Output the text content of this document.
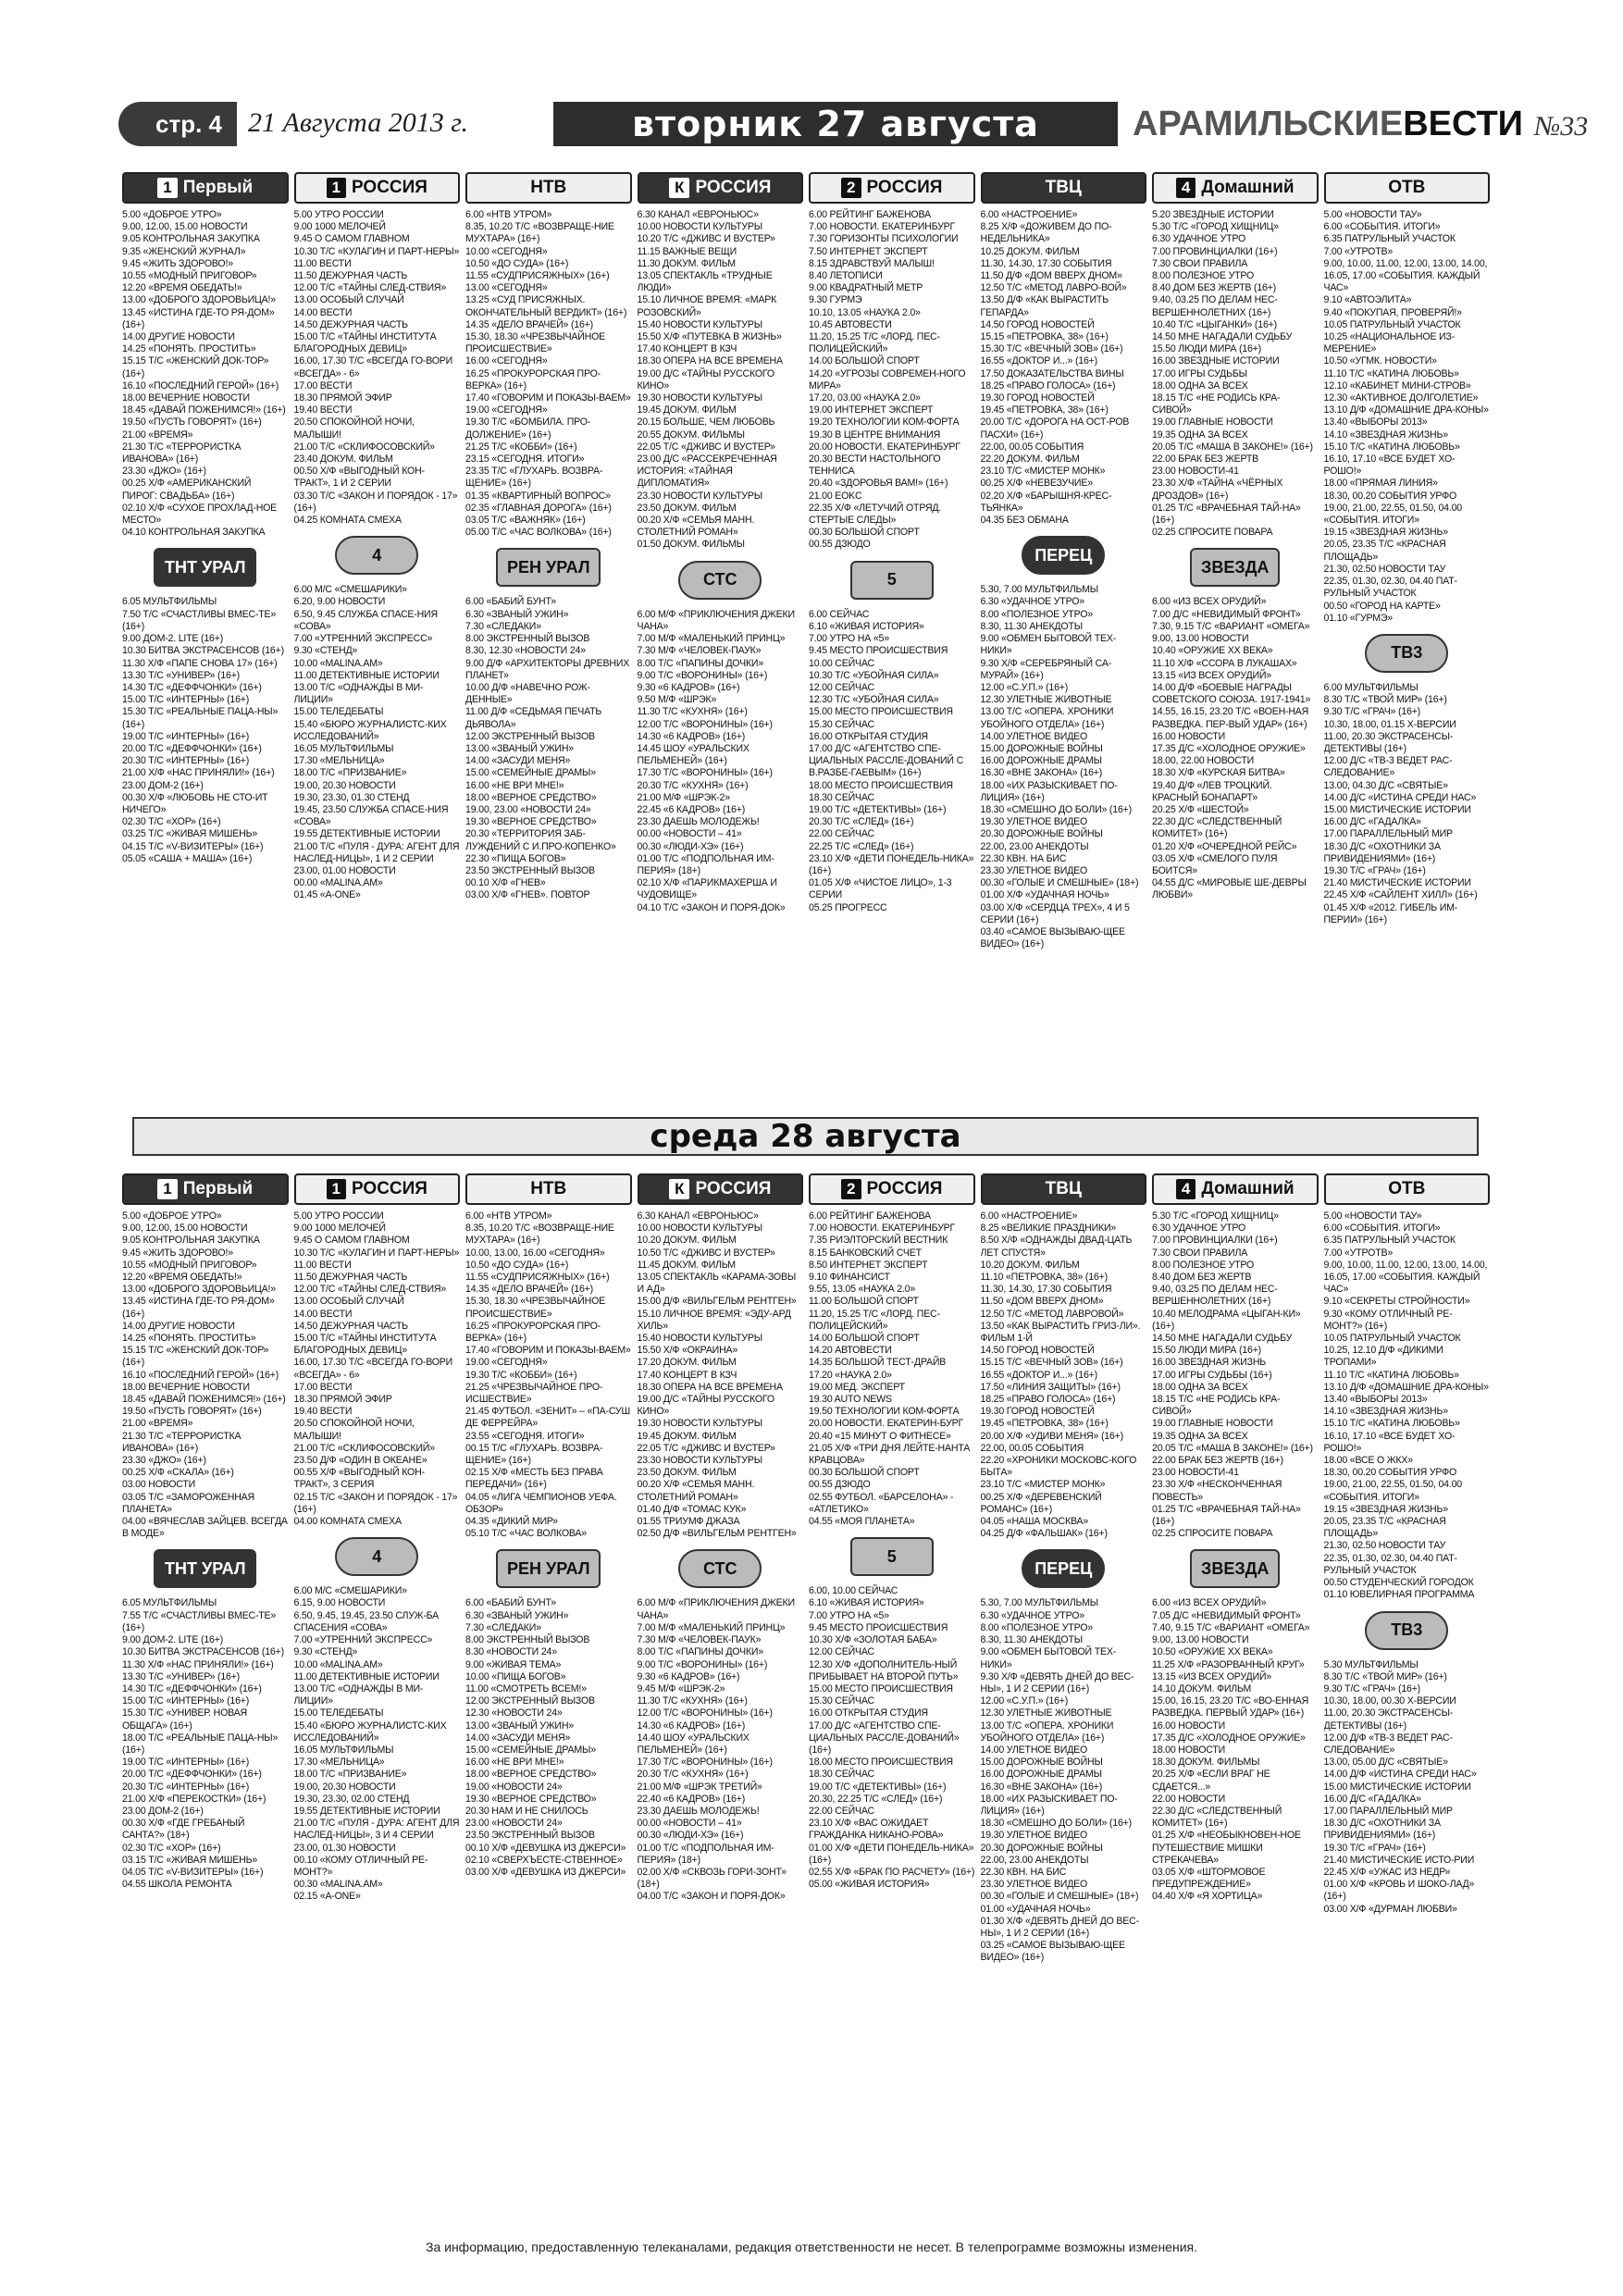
стр. 4 21 Августа 2013 г.	вторник 27 августа	АРАМИЛЬСКИЕВЕСТИ №33
1 Первый
5.00 «ДОБРОЕ УТРО»
9.00, 12.00, 15.00 НОВОСТИ
9.05 КОНТРОЛЬНАЯ ЗАКУПКА
9.35 «ЖЕНСКИЙ ЖУРНАЛ»
9.45 «ЖИТЬ ЗДОРОВО!»
10.55 «МОДНЫЙ ПРИГОВОР»
12.20 «ВРЕМЯ ОБЕДАТЬ!»
13.00 «ДОБРОГО ЗДОРОВЬИЦА!»
13.45 «ИСТИНА ГДЕ-ТО РЯ-ДОМ» (16+)
14.00 ДРУГИЕ НОВОСТИ
14.25 «ПОНЯТЬ. ПРОСТИТЬ»
15.15 Т/С «ЖЕНСКИЙ ДОК-ТОР» (16+)
16.10 «ПОСЛЕДНИЙ ГЕРОЙ» (16+)
18.00 ВЕЧЕРНИЕ НОВОСТИ
18.45 «ДАВАЙ ПОЖЕНИМСЯ!» (16+)
19.50 «ПУСТЬ ГОВОРЯТ» (16+)
21.00 «ВРЕМЯ»
21.30 Т/С «ТЕРРОРИСТКА ИВАНОВА» (16+)
23.30 «ДЖО» (16+)
00.25 Х/Ф «АМЕРИКАНСКИЙ ПИРОГ: СВАДЬБА» (16+)
02.10 Х/Ф «СУХОЕ ПРОХЛАД-НОЕ МЕСТО»
04.10 КОНТРОЛЬНАЯ ЗАКУПКА
ТНТ УРАЛ
6.05 МУЛЬТФИЛЬМЫ
7.50 Т/С «СЧАСТЛИВЫ ВМЕС-ТЕ» (16+)
9.00 ДОМ-2. LITE (16+)
10.30 БИТВА ЭКСТРАСЕНСОВ (16+)
11.30 Х/Ф «ПАПЕ СНОВА 17» (16+)
13.30 Т/С «УНИВЕР» (16+)
14.30 Т/С «ДЕФФЧОНКИ» (16+)
15.00 Т/С «ИНТЕРНЫ» (16+)
15.30 Т/С «РЕАЛЬНЫЕ ПАЦА-НЫ» (16+)
19.00 Т/С «ИНТЕРНЫ» (16+)
20.00 Т/С «ДЕФФЧОНКИ» (16+)
20.30 Т/С «ИНТЕРНЫ» (16+)
21.00 Х/Ф «НАС ПРИНЯЛИ!» (16+)
23.00 ДОМ-2 (16+)
00.30 Х/Ф «ЛЮБОВЬ НЕ СТО-ИТ НИЧЕГО»
02.30 Т/С «ХОР» (16+)
03.25 Т/С «ЖИВАЯ МИШЕНЬ»
04.15 Т/С «V-ВИЗИТЕРЫ» (16+)
05.05 «САША + МАША» (16+)
1 РОССИЯ
5.00 УТРО РОССИИ
9.00 1000 МЕЛОЧЕЙ
9.45 О САМОМ ГЛАВНОМ
10.30 Т/С «КУЛАГИН И ПАРТ-НЕРЫ»
11.00 ВЕСТИ
11.50 ДЕЖУРНАЯ ЧАСТЬ
12.00 Т/С «ТАЙНЫ СЛЕД-СТВИЯ»
13.00 ОСОБЫЙ СЛУЧАЙ
14.00 ВЕСТИ
14.50 ДЕЖУРНАЯ ЧАСТЬ
15.00 Т/С «ТАЙНЫ ИНСТИТУТА БЛАГОРОДНЫХ ДЕВИЦ»
16.00, 17.30 Т/С «ВСЕГДА ГО-ВОРИ «ВСЕГДА» - 6»
17.00 ВЕСТИ
18.30 ПРЯМОЙ ЭФИР
19.40 ВЕСТИ
20.50 СПОКОЙНОЙ НОЧИ, МАЛЫШИ!
21.00 Т/С «СКЛИФОСОВСКИЙ»
23.40 ДОКУМ. ФИЛЬМ
00.50 Х/Ф «ВЫГОДНЫЙ КОН-ТРАКТ», 1 И 2 СЕРИИ
03.30 Т/С «ЗАКОН И ПОРЯДОК - 17» (16+)
04.25 КОМНАТА СМЕХА
4
6.00 М/С «СМЕШАРИКИ»
6.20, 9.00 НОВОСТИ
6.50, 9.45 СЛУЖБА СПАСЕ-НИЯ «СОВА»
7.00 «УТРЕННИЙ ЭКСПРЕСС»
9.30 «СТЕНД»
10.00 «MALINA.AM»
11.00 ДЕТЕКТИВНЫЕ ИСТОРИИ
13.00 Т/С «ОДНАЖДЫ В МИ-ЛИЦИИ»
15.00 ТЕЛЕДЕБАТЫ
15.40 «БЮРО ЖУРНАЛИСТС-КИХ ИССЛЕДОВАНИЙ»
16.05 МУЛЬТФИЛЬМЫ
17.30 «МЕЛЬНИЦА»
18.00 Т/С «ПРИЗВАНИЕ»
19.00, 20.30 НОВОСТИ
19.30, 23.30, 01.30 СТЕНД
19.45, 23.50 СЛУЖБА СПАСЕ-НИЯ «СОВА»
19.55 ДЕТЕКТИВНЫЕ ИСТОРИИ
21.00 Т/С «ПУЛЯ - ДУРА: АГЕНТ ДЛЯ НАСЛЕД-НИЦЫ», 1 И 2 СЕРИИ
23.00, 01.00 НОВОСТИ
00.00 «MALINA.AM»
01.45 «A-ONE»
НТВ
6.00 «НТВ УТРОМ»
8.35, 10.20 Т/С «ВОЗВРАЩЕ-НИЕ МУХТАРА» (16+)
10.00 «СЕГОДНЯ»
10.50 «ДО СУДА» (16+)
11.55 «СУДПРИСЯЖНЫХ» (16+)
13.00 «СЕГОДНЯ»
13.25 «СУД ПРИСЯЖНЫХ. ОКОНЧАТЕЛЬНЫЙ ВЕРДИКТ» (16+)
14.35 «ДЕЛО ВРАЧЕЙ» (16+)
15.30, 18.30 «ЧРЕЗВЫЧАЙНОЕ ПРОИСШЕСТВИЕ»
16.00 «СЕГОДНЯ»
16.25 «ПРОКУРОРСКАЯ ПРО-ВЕРКА» (16+)
17.40 «ГОВОРИМ И ПОКАЗЫ-ВАЕМ»
19.00 «СЕГОДНЯ»
19.30 Т/С «БОМБИЛА. ПРО-ДОЛЖЕНИЕ» (16+)
21.25 Т/С «КОББИ» (16+)
23.15 «СЕГОДНЯ. ИТОГИ»
23.35 Т/С «ГЛУХАРЬ. ВОЗВРА-ЩЕНИЕ» (16+)
01.35 «КВАРТИРНЫЙ ВОПРОС»
02.35 «ГЛАВНАЯ ДОРОГА» (16+)
03.05 Т/С «ВАЖНЯК» (16+)
05.00 Т/С «ЧАС ВОЛКОВА» (16+)
РЕН УРАЛ
6.00 «БАБИЙ БУНТ»
6.30 «ЗВАНЫЙ УЖИН»
7.30 «СЛЕДАКИ»
8.00 ЭКСТРЕННЫЙ ВЫЗОВ
8.30, 12.30 «НОВОСТИ 24»
9.00 Д/Ф «АРХИТЕКТОРЫ ДРЕВНИХ ПЛАНЕТ»
10.00 Д/Ф «НАВЕЧНО РОЖ-ДЕННЫЕ»
11.00 Д/Ф «СЕДЬМАЯ ПЕЧАТЬ ДЬЯВОЛА»
12.00 ЭКСТРЕННЫЙ ВЫЗОВ
13.00 «ЗВАНЫЙ УЖИН»
14.00 «ЗАСУДИ МЕНЯ»
15.00 «СЕМЕЙНЫЕ ДРАМЫ»
16.00 «НЕ ВРИ МНЕ!»
18.00 «ВЕРНОЕ СРЕДСТВО»
19.00, 23.00 «НОВОСТИ 24»
19.30 «ВЕРНОЕ СРЕДСТВО»
20.30 «ТЕРРИТОРИЯ ЗАБ-ЛУЖДЕНИЙ С И.ПРО-КОПЕНКО»
22.30 «ПИЩА БОГОВ»
23.50 ЭКСТРЕННЫЙ ВЫЗОВ
00.10 Х/Ф «ГНЕВ»
03.00 Х/Ф «ГНЕВ». ПОВТОР
К РОССИЯ
6.30 КАНАЛ «ЕВРОНЬЮС»
10.00 НОВОСТИ КУЛЬТУРЫ
10.20 Т/С «ДЖИВС И ВУСТЕР»
11.15 ВАЖНЫЕ ВЕЩИ
11.30 ДОКУМ. ФИЛЬМ
13.05 СПЕКТАКЛЬ «ТРУДНЫЕ ЛЮДИ»
15.10 ЛИЧНОЕ ВРЕМЯ: «МАРК РОЗОВСКИЙ»
15.40 НОВОСТИ КУЛЬТУРЫ
15.50 Х/Ф «ПУТЕВКА В ЖИЗНЬ»
17.40 КОНЦЕРТ В КЗЧ
18.30 ОПЕРА НА ВСЕ ВРЕМЕНА
19.00 Д/С «ТАЙНЫ РУССКОГО КИНО»
19.30 НОВОСТИ КУЛЬТУРЫ
19.45 ДОКУМ. ФИЛЬМ
20.15 БОЛЬШЕ, ЧЕМ ЛЮБОВЬ
20.55 ДОКУМ. ФИЛЬМЫ
22.05 Т/С «ДЖИВС И ВУСТЕР»
23.00 Д/С «РАССЕКРЕЧЕННАЯ ИСТОРИЯ: «ТАЙНАЯ ДИПЛОМАТИЯ»
23.30 НОВОСТИ КУЛЬТУРЫ
23.50 ДОКУМ. ФИЛЬМ
00.20 Х/Ф «СЕМЬЯ МАНН. СТОЛЕТНИЙ РОМАН»
01.50 ДОКУМ. ФИЛЬМЫ
СТС
6.00 М/Ф «ПРИКЛЮЧЕНИЯ ДЖЕКИ ЧАНА»
7.00 М/Ф «МАЛЕНЬКИЙ ПРИНЦ»
7.30 М/Ф «ЧЕЛОВЕК-ПАУК»
8.00 Т/С «ПАПИНЫ ДОЧКИ»
9.00 Т/С «ВОРОНИНЫ» (16+)
9.30 «6 КАДРОВ» (16+)
9.50 М/Ф «ШРЭК»
11.30 Т/С «КУХНЯ» (16+)
12.00 Т/С «ВОРОНИНЫ» (16+)
14.30 «6 КАДРОВ» (16+)
14.45 ШОУ «УРАЛЬСКИХ ПЕЛЬМЕНЕЙ» (16+)
17.30 Т/С «ВОРОНИНЫ» (16+)
20.30 Т/С «КУХНЯ» (16+)
21.00 М/Ф «ШРЭК-2»
22.45 «6 КАДРОВ» (16+)
23.30 ДАЕШЬ МОЛОДЕЖЬ!
00.00 «НОВОСТИ – 41»
00.30 «ЛЮДИ-ХЭ» (16+)
01.00 Т/С «ПОДПОЛЬНАЯ ИМ-ПЕРИЯ» (18+)
02.10 Х/Ф «ПАРИКМАХЕРША И ЧУДОВИЩЕ»
04.10 Т/С «ЗАКОН И ПОРЯ-ДОК»
2 РОССИЯ
6.00 РЕЙТИНГ БАЖЕНОВА
7.00 НОВОСТИ. ЕКАТЕРИНБУРГ
7.30 ГОРИЗОНТЫ ПСИХОЛОГИИ
7.50 ИНТЕРНЕТ ЭКСПЕРТ
8.15 ЗДРАВСТВУЙ МАЛЫШ!
8.40 ЛЕТОПИСИ
9.00 КВАДРАТНЫЙ МЕТР
9.30 ГУРМЭ
10.10, 13.05 «НАУКА 2.0»
10.45 АВТОВЕСТИ
11.20, 15.25 Т/С «ЛОРД. ПЕС-ПОЛИЦЕЙСКИЙ»
14.00 БОЛЬШОЙ СПОРТ
14.20 «УГРОЗЫ СОВРЕМЕН-НОГО МИРА»
17.20, 03.00 «НАУКА 2.0»
19.00 ИНТЕРНЕТ ЭКСПЕРТ
19.20 ТЕХНОЛОГИИ КОМ-ФОРТА
19.30 В ЦЕНТРЕ ВНИМАНИЯ
20.00 НОВОСТИ. ЕКАТЕРИНБУРГ
20.30 ВЕСТИ НАСТОЛЬНОГО ТЕННИСА
20.40 «ЗДОРОВЬЯ ВАМ!» (16+)
21.00 EOKC
22.35 Х/Ф «ЛЕТУЧИЙ ОТРЯД. СТЕРТЫЕ СЛЕДЫ»
00.30 БОЛЬШОЙ СПОРТ
00.55 ДЗЮДО
5
6.00 СЕЙЧАС
6.10 «ЖИВАЯ ИСТОРИЯ»
7.00 УТРО НА «5»
9.45 МЕСТО ПРОИСШЕСТВИЯ
10.00 СЕЙЧАС
10.30 Т/С «УБОЙНАЯ СИЛА»
12.00 СЕЙЧАС
12.30 Т/С «УБОЙНАЯ СИЛА»
15.00 МЕСТО ПРОИСШЕСТВИЯ
15.30 СЕЙЧАС
16.00 ОТКРЫТАЯ СТУДИЯ
17.00 Д/С «АГЕНТСТВО СПЕ-ЦИАЛЬНЫХ РАССЛЕ-ДОВАНИЙ С В.РАЗБЕ-ГАЕВЫМ» (16+)
18.00 МЕСТО ПРОИСШЕСТВИЯ
18.30 СЕЙЧАС
19.00 Т/С «ДЕТЕКТИВЫ» (16+)
20.30 Т/С «СЛЕД» (16+)
22.00 СЕЙЧАС
22.25 Т/С «СЛЕД» (16+)
23.10 Х/Ф «ДЕТИ ПОНЕДЕЛЬ-НИКА» (16+)
01.05 Х/Ф «ЧИСТОЕ ЛИЦО», 1-3 СЕРИИ
05.25 ПРОГРЕСС
ТВЦ
6.00 «НАСТРОЕНИЕ»
8.25 Х/Ф «ДОЖИВЕМ ДО ПО-НЕДЕЛЬНИКА»
10.25 ДОКУМ. ФИЛЬМ
11.30, 14.30, 17.30 СОБЫТИЯ
11.50 Д/Ф «ДОМ ВВЕРХ ДНОМ»
12.50 Т/С «МЕТОД ЛАВРО-ВОЙ»
13.50 Д/Ф «КАК ВЫРАСТИТЬ ГЕПАРДА»
14.50 ГОРОД НОВОСТЕЙ
15.15 «ПЕТРОВКА, 38» (16+)
15.30 Т/С «ВЕЧНЫЙ ЗОВ» (16+)
16.55 «ДОКТОР И...» (16+)
17.50 ДОКАЗАТЕЛЬСТВА ВИНЫ
18.25 «ПРАВО ГОЛОСА» (16+)
19.30 ГОРОД НОВОСТЕЙ
19.45 «ПЕТРОВКА, 38» (16+)
20.00 Т/С «ДОРОГА НА ОСТ-РОВ ПАСХИ» (16+)
22.00, 00.05 СОБЫТИЯ
22.20 ДОКУМ. ФИЛЬМ
23.10 Т/С «МИСТЕР МОНК»
00.25 Х/Ф «НЕВЕЗУЧИЕ»
02.20 Х/Ф «БАРЫШНЯ-КРЕС-ТЬЯНКА»
04.35 БЕЗ ОБМАНА
ПЕРЕЦ
5.30, 7.00 МУЛЬТФИЛЬМЫ
6.30 «УДАЧНОЕ УТРО»
8.00 «ПОЛЕЗНОЕ УТРО»
8.30, 11.30 АНЕКДОТЫ
9.00 «ОБМЕН БЫТОВОЙ ТЕХ-НИКИ»
9.30 Х/Ф «СЕРЕБРЯНЫЙ СА-МУРАЙ» (16+)
12.00 «С.У.П.» (16+)
12.30 УЛЕТНЫЕ ЖИВОТНЫЕ
13.00 Т/С «ОПЕРА. ХРОНИКИ УБОЙНОГО ОТДЕЛА» (16+)
14.00 УЛЕТНОЕ ВИДЕО
15.00 ДОРОЖНЫЕ ВОЙНЫ
16.00 ДОРОЖНЫЕ ДРАМЫ
16.30 «ВНЕ ЗАКОНА» (16+)
18.00 «ИХ РАЗЫСКИВАЕТ ПО-ЛИЦИЯ» (16+)
18.30 «СМЕШНО ДО БОЛИ» (16+)
19.30 УЛЕТНОЕ ВИДЕО
20.30 ДОРОЖНЫЕ ВОЙНЫ
22.00, 23.00 АНЕКДОТЫ
22.30 КВН. НА БИС
23.30 УЛЕТНОЕ ВИДЕО
00.30 «ГОЛЫЕ И СМЕШНЫЕ» (18+)
01.00 Х/Ф «УДАЧНАЯ НОЧЬ»
03.00 Х/Ф «СЕРДЦА ТРЕХ», 4 И 5 СЕРИИ (16+)
03.40 «САМОЕ ВЫЗЫВАЮ-ЩЕЕ ВИДЕО» (16+)
4 Домашний
5.20 ЗВЕЗДНЫЕ ИСТОРИИ
5.30 Т/С «ГОРОД ХИЩНИЦ»
6.30 УДАЧНОЕ УТРО
7.00 ПРОВИНЦИАЛКИ (16+)
7.30 СВОИ ПРАВИЛА
8.00 ПОЛЕЗНОЕ УТРО
8.40 ДОМ БЕЗ ЖЕРТВ (16+)
9.40, 03.25 ПО ДЕЛАМ НЕС-ВЕРШЕННОЛЕТНИХ (16+)
10.40 Т/С «ЦЫГАНКИ» (16+)
14.50 МНЕ НАГАДАЛИ СУДЬБУ
15.50 ЛЮДИ МИРА (16+)
16.00 ЗВЕЗДНЫЕ ИСТОРИИ
17.00 ИГРЫ СУДЬБЫ
18.00 ОДНА ЗА ВСЕХ
18.15 Т/С «НЕ РОДИСЬ КРА-СИВОЙ»
19.00 ГЛАВНЫЕ НОВОСТИ
19.35 ОДНА ЗА ВСЕХ
20.05 Т/С «МАША В ЗАКОНЕ!» (16+)
22.00 БРАК БЕЗ ЖЕРТВ
23.00 НОВОСТИ-41
23.30 Х/Ф «ТАЙНА «ЧЁРНЫХ ДРОЗДОВ» (16+)
01.25 Т/С «ВРАЧЕБНАЯ ТАЙ-НА» (16+)
02.25 СПРОСИТЕ ПОВАРА
ЗВЕЗДА
6.00 «ИЗ ВСЕХ ОРУДИЙ»
7.00 Д/С «НЕВИДИМЫЙ ФРОНТ»
7.30, 9.15 Т/С «ВАРИАНТ «ОМЕГА»
9.00, 13.00 НОВОСТИ
10.40 «ОРУЖИЕ XX ВЕКА»
11.10 Х/Ф «ССОРА В ЛУКАШАХ»
13.15 «ИЗ ВСЕХ ОРУДИЙ»
14.00 Д/Ф «БОЕВЫЕ НАГРАДЫ СОВЕТСКОГО СОЮЗА. 1917-1941»
14.55, 16.15, 23.20 Т/С «ВОЕН-НАЯ РАЗВЕДКА. ПЕР-ВЫЙ УДАР» (16+)
16.00 НОВОСТИ
17.35 Д/С «ХОЛОДНОЕ ОРУЖИЕ»
18.00, 22.00 НОВОСТИ
18.30 Х/Ф «КУРСКАЯ БИТВА»
19.40 Д/Ф «ЛЕВ ТРОЦКИЙ. КРАСНЫЙ БОНАПАРТ»
20.25 Х/Ф «ШЕСТОЙ»
22.30 Д/С «СЛЕДСТВЕННЫЙ КОМИТЕТ» (16+)
01.20 Х/Ф «ОЧЕРЕДНОЙ РЕЙС»
03.05 Х/Ф «СМЕЛОГО ПУЛЯ БОИТСЯ»
04.55 Д/С «МИРОВЫЕ ШЕ-ДЕВРЫ ЛЮБВИ»
ОТВ
5.00 «НОВОСТИ ТАУ»
6.00 «СОБЫТИЯ. ИТОГИ»
6.35 ПАТРУЛЬНЫЙ УЧАСТОК
7.00 «УТРОТВ»
9.00, 10.00, 11.00, 12.00, 13.00, 14.00, 16.05, 17.00 «СОБЫТИЯ. КАЖДЫЙ ЧАС»
9.10 «АВТОЭЛИТА»
9.40 «ПОКУПАЯ, ПРОВЕРЯЙ!»
10.05 ПАТРУЛЬНЫЙ УЧАСТОК
10.25 «НАЦИОНАЛЬНОЕ ИЗ-МЕРЕНИЕ»
10.50 «УГМК. НОВОСТИ»
11.10 Т/С «КАТИНА ЛЮБОВЬ»
12.10 «КАБИНЕТ МИНИ-СТРОВ»
12.30 «АКТИВНОЕ ДОЛГОЛЕТИЕ»
13.10 Д/Ф «ДОМАШНИЕ ДРА-КОНЫ»
13.40 «ВЫБОРЫ 2013»
14.10 «ЗВЕЗДНАЯ ЖИЗНЬ»
15.10 Т/С «КАТИНА ЛЮБОВЬ»
16.10, 17.10 «ВСЕ БУДЕТ ХО-РОШО!»
18.00 «ПРЯМАЯ ЛИНИЯ»
18.30, 00.20 СОБЫТИЯ УРФО
19.00, 21.00, 22.55, 01.50, 04.00 «СОБЫТИЯ. ИТОГИ»
19.15 «ЗВЕЗДНАЯ ЖИЗНЬ»
20.05, 23.35 Т/С «КРАСНАЯ ПЛОЩАДЬ»
21.30, 02.50 НОВОСТИ ТАУ
22.35, 01.30, 02.30, 04.40 ПАТ-РУЛЬНЫЙ УЧАСТОК
00.50 «ГОРОД НА КАРТЕ»
01.10 «ГУРМЭ»
ТВ3
6.00 МУЛЬТФИЛЬМЫ
8.30 Т/С «ТВОЙ МИР» (16+)
9.30 Т/С «ГРАЧ» (16+)
10.30, 18.00, 01.15 Х-ВЕРСИИ
11.00, 20.30 ЭКСТРАСЕНСЫ-ДЕТЕКТИВЫ (16+)
12.00 Д/С «ТВ-3 ВЕДЕТ РАС-СЛЕДОВАНИЕ»
13.00, 04.30 Д/С «СВЯТЫЕ»
14.00 Д/С «ИСТИНА СРЕДИ НАС»
15.00 МИСТИЧЕСКИЕ ИСТОРИИ
16.00 Д/С «ГАДАЛКА»
17.00 ПАРАЛЛЕЛЬНЫЙ МИР
18.30 Д/С «ОХОТНИКИ ЗА ПРИВИДЕНИЯМИ» (16+)
19.30 Т/С «ГРАЧ» (16+)
21.40 МИСТИЧЕСКИЕ ИСТОРИИ
22.45 Х/Ф «САЙЛЕНТ ХИЛЛ» (16+)
01.45 Х/Ф «2012. ГИБЕЛЬ ИМ-ПЕРИИ» (16+)
среда 28 августа
1 Первый
5.00 «ДОБРОЕ УТРО»
9.00, 12.00, 15.00 НОВОСТИ
9.05 КОНТРОЛЬНАЯ ЗАКУПКА
9.45 «ЖИТЬ ЗДОРОВО!»
10.55 «МОДНЫЙ ПРИГОВОР»
12.20 «ВРЕМЯ ОБЕДАТЬ!»
13.00 «ДОБРОГО ЗДОРОВЬИЦА!»
13.45 «ИСТИНА ГДЕ-ТО РЯ-ДОМ» (16+)
14.00 ДРУГИЕ НОВОСТИ
14.25 «ПОНЯТЬ. ПРОСТИТЬ»
15.15 Т/С «ЖЕНСКИЙ ДОК-ТОР» (16+)
16.10 «ПОСЛЕДНИЙ ГЕРОЙ» (16+)
18.00 ВЕЧЕРНИЕ НОВОСТИ
18.45 «ДАВАЙ ПОЖЕНИМСЯ!» (16+)
19.50 «ПУСТЬ ГОВОРЯТ» (16+)
21.00 «ВРЕМЯ»
21.30 Т/С «ТЕРРОРИСТКА ИВАНОВА» (16+)
23.30 «ДЖО» (16+)
00.25 Х/Ф «СКАЛА» (16+)
03.00 НОВОСТИ
03.05 Т/С «ЗАМОРОЖЕННАЯ ПЛАНЕТА»
04.00 «ВЯЧЕСЛАВ ЗАЙЦЕВ. ВСЕГДА В МОДЕ»
ТНТ УРАЛ
6.05 МУЛЬТФИЛЬМЫ
7.55 Т/С «СЧАСТЛИВЫ ВМЕС-ТЕ» (16+)
9.00 ДОМ-2. LITE (16+)
10.30 БИТВА ЭКСТРАСЕНСОВ (16+)
11.30 Х/Ф «НАС ПРИНЯЛИ!» (16+)
13.30 Т/С «УНИВЕР» (16+)
14.30 Т/С «ДЕФФЧОНКИ» (16+)
15.00 Т/С «ИНТЕРНЫ» (16+)
15.30 Т/С «УНИВЕР. НОВАЯ ОБЩАГА» (16+)
18.00 Т/С «РЕАЛЬНЫЕ ПАЦА-НЫ» (16+)
19.00 Т/С «ИНТЕРНЫ» (16+)
20.00 Т/С «ДЕФФЧОНКИ» (16+)
20.30 Т/С «ИНТЕРНЫ» (16+)
21.00 Х/Ф «ПЕРЕКОСТКИ» (16+)
23.00 ДОМ-2 (16+)
00.30 Х/Ф «ГДЕ ГРЕБАНЫЙ САНТА?» (18+)
02.30 Т/С «ХОР» (16+)
03.15 Т/С «ЖИВАЯ МИШЕНЬ»
04.05 Т/С «V-ВИЗИТЕРЫ» (16+)
04.55 ШКОЛА РЕМОНТА
1 РОССИЯ
5.00 УТРО РОССИИ
9.00 1000 МЕЛОЧЕЙ
9.45 О САМОМ ГЛАВНОМ
10.30 Т/С «КУЛАГИН И ПАРТ-НЕРЫ»
11.00 ВЕСТИ
11.50 ДЕЖУРНАЯ ЧАСТЬ
12.00 Т/С «ТАЙНЫ СЛЕД-СТВИЯ»
13.00 ОСОБЫЙ СЛУЧАЙ
14.00 ВЕСТИ
14.50 ДЕЖУРНАЯ ЧАСТЬ
15.00 Т/С «ТАЙНЫ ИНСТИТУТА БЛАГОРОДНЫХ ДЕВИЦ»
16.00, 17.30 Т/С «ВСЕГДА ГО-ВОРИ «ВСЕГДА» - 6»
17.00 ВЕСТИ
18.30 ПРЯМОЙ ЭФИР
19.40 ВЕСТИ
20.50 СПОКОЙНОЙ НОЧИ, МАЛЫШИ!
21.00 Т/С «СКЛИФОСОВСКИЙ»
23.50 Д/Ф «ОДИН В ОКЕАНЕ»
00.55 Х/Ф «ВЫГОДНЫЙ КОН-ТРАКТ», 3 СЕРИЯ
02.15 Т/С «ЗАКОН И ПОРЯДОК - 17» (16+)
04.00 КОМНАТА СМЕХА
4
6.00 М/С «СМЕШАРИКИ»
6.15, 9.00 НОВОСТИ
6.50, 9.45, 19.45, 23.50 СЛУЖ-БА СПАСЕНИЯ «СОВА»
7.00 «УТРЕННИЙ ЭКСПРЕСС»
9.30 «СТЕНД»
10.00 «MALINA.AM»
11.00 ДЕТЕКТИВНЫЕ ИСТОРИИ
13.00 Т/С «ОДНАЖДЫ В МИ-ЛИЦИИ»
15.00 ТЕЛЕДЕБАТЫ
15.40 «БЮРО ЖУРНАЛИСТС-КИХ ИССЛЕДОВАНИЙ»
16.05 МУЛЬТФИЛЬМЫ
17.30 «МЕЛЬНИЦА»
18.00 Т/С «ПРИЗВАНИЕ»
19.00, 20.30 НОВОСТИ
19.30, 23.30, 02.00 СТЕНД
19.55 ДЕТЕКТИВНЫЕ ИСТОРИИ
21.00 Т/С «ПУЛЯ - ДУРА: АГЕНТ ДЛЯ НАСЛЕД-НИЦЫ», 3 И 4 СЕРИИ
23.00, 01.30 НОВОСТИ
00.10 «КОМУ ОТЛИЧНЫЙ РЕ-МОНТ?»
00.30 «MALINA.AM»
02.15 «A-ONE»
НТВ
6.00 «НТВ УТРОМ»
8.35, 10.20 Т/С «ВОЗВРАЩЕ-НИЕ МУХТАРА» (16+)
10.00, 13.00, 16.00 «СЕГОДНЯ»
10.50 «ДО СУДА» (16+)
11.55 «СУДПРИСЯЖНЫХ» (16+)
14.35 «ДЕЛО ВРАЧЕЙ» (16+)
15.30, 18.30 «ЧРЕЗВЫЧАЙНОЕ ПРОИСШЕСТВИЕ»
16.25 «ПРОКУРОРСКАЯ ПРО-ВЕРКА» (16+)
17.40 «ГОВОРИМ И ПОКАЗЫ-ВАЕМ»
19.00 «СЕГОДНЯ»
19.30 Т/С «КОББИ» (16+)
21.25 «ЧРЕЗВЫЧАЙНОЕ ПРО-ИСШЕСТВИЕ»
21.45 ФУТБОЛ. «ЗЕНИТ» – «ПА-СУШ ДЕ ФЕРРЕЙРА»
23.55 «СЕГОДНЯ. ИТОГИ»
00.15 Т/С «ГЛУХАРЬ. ВОЗВРА-ЩЕНИЕ» (16+)
02.15 Х/Ф «МЕСТЬ БЕЗ ПРАВА ПЕРЕДАЧИ» (16+)
04.05 «ЛИГА ЧЕМПИОНОВ УЕФА. ОБЗОР»
04.35 «ДИКИЙ МИР»
05.10 Т/С «ЧАС ВОЛКОВА»
РЕН УРАЛ
6.00 «БАБИЙ БУНТ»
6.30 «ЗВАНЫЙ УЖИН»
7.30 «СЛЕДАКИ»
8.00 ЭКСТРЕННЫЙ ВЫЗОВ
8.30 «НОВОСТИ 24»
9.00 «ЖИВАЯ ТЕМА»
10.00 «ПИЩА БОГОВ»
11.00 «СМОТРЕТЬ ВСЕМ!»
12.00 ЭКСТРЕННЫЙ ВЫЗОВ
12.30 «НОВОСТИ 24»
13.00 «ЗВАНЫЙ УЖИН»
14.00 «ЗАСУДИ МЕНЯ»
15.00 «СЕМЕЙНЫЕ ДРАМЫ»
16.00 «НЕ ВРИ МНЕ!»
18.00 «ВЕРНОЕ СРЕДСТВО»
19.00 «НОВОСТИ 24»
19.30 «ВЕРНОЕ СРЕДСТВО»
20.30 НАМ И НЕ СНИЛОСЬ
23.00 «НОВОСТИ 24»
23.50 ЭКСТРЕННЫЙ ВЫЗОВ
00.10 Х/Ф «ДЕВУШКА ИЗ ДЖЕРСИ»
02.10 «СВЕРХЪЕСТЕ-СТВЕННОЕ»
03.00 Х/Ф «ДЕВУШКА ИЗ ДЖЕРСИ»
К РОССИЯ
6.30 КАНАЛ «ЕВРОНЬЮС»
10.00 НОВОСТИ КУЛЬТУРЫ
10.20 ДОКУМ. ФИЛЬМ
10.50 Т/С «ДЖИВС И ВУСТЕР»
11.45 ДОКУМ. ФИЛЬМ
13.05 СПЕКТАКЛЬ «КАРАМА-ЗОВЫ И АД»
15.00 Д/Ф «ВИЛЬГЕЛЬМ РЕНТГЕН»
15.10 ЛИЧНОЕ ВРЕМЯ: «ЭДУ-АРД ХИЛЬ»
15.40 НОВОСТИ КУЛЬТУРЫ
15.50 Х/Ф «ОКРАИНА»
17.20 ДОКУМ. ФИЛЬМ
17.40 КОНЦЕРТ В КЗЧ
18.30 ОПЕРА НА ВСЕ ВРЕМЕНА
19.00 Д/С «ТАЙНЫ РУССКОГО КИНО»
19.30 НОВОСТИ КУЛЬТУРЫ
19.45 ДОКУМ. ФИЛЬМ
22.05 Т/С «ДЖИВС И ВУСТЕР»
23.30 НОВОСТИ КУЛЬТУРЫ
23.50 ДОКУМ. ФИЛЬМ
00.20 Х/Ф «СЕМЬЯ МАНН. СТОЛЕТНИЙ РОМАН»
01.40 Д/Ф «ТОМАС КУК»
01.55 ТРИУМФ ДЖАЗА
02.50 Д/Ф «ВИЛЬГЕЛЬМ РЕНТГЕН»
СТС
6.00 М/Ф «ПРИКЛЮЧЕНИЯ ДЖЕКИ ЧАНА»
7.00 М/Ф «МАЛЕНЬКИЙ ПРИНЦ»
7.30 М/Ф «ЧЕЛОВЕК-ПАУК»
8.00 Т/С «ПАПИНЫ ДОЧКИ»
9.00 Т/С «ВОРОНИНЫ» (16+)
9.30 «6 КАДРОВ» (16+)
9.45 М/Ф «ШРЭК-2»
11.30 Т/С «КУХНЯ» (16+)
12.00 Т/С «ВОРОНИНЫ» (16+)
14.30 «6 КАДРОВ» (16+)
14.40 ШОУ «УРАЛЬСКИХ ПЕЛЬМЕНЕЙ» (16+)
17.30 Т/С «ВОРОНИНЫ» (16+)
20.30 Т/С «КУХНЯ» (16+)
21.00 М/Ф «ШРЭК ТРЕТИЙ»
22.40 «6 КАДРОВ» (16+)
23.30 ДАЕШЬ МОЛОДЕЖЬ!
00.00 «НОВОСТИ – 41»
00.30 «ЛЮДИ-ХЭ» (16+)
01.00 Т/С «ПОДПОЛЬНАЯ ИМ-ПЕРИЯ» (18+)
02.00 Х/Ф «СКВОЗЬ ГОРИ-ЗОНТ» (18+)
04.00 Т/С «ЗАКОН И ПОРЯ-ДОК»
2 РОССИЯ
6.00 РЕЙТИНГ БАЖЕНОВА
7.00 НОВОСТИ. ЕКАТЕРИНБУРГ
7.35 РИЭЛТОРСКИЙ ВЕСТНИК
8.15 БАНКОВСКИЙ СЧЕТ
8.50 ИНТЕРНЕТ ЭКСПЕРТ
9.10 ФИНАНСИСТ
9.55, 13.05 «НАУКА 2.0»
11.00 БОЛЬШОЙ СПОРТ
11.20, 15.25 Т/С «ЛОРД. ПЕС-ПОЛИЦЕЙСКИЙ»
14.00 БОЛЬШОЙ СПОРТ
14.20 АВТОВЕСТИ
14.35 БОЛЬШОЙ ТЕСТ-ДРАЙВ
17.20 «НАУКА 2.0»
19.00 МЕД. ЭКСПЕРТ
19.30 AUTO NEWS
19.50 ТЕХНОЛОГИИ КОМ-ФОРТА
20.00 НОВОСТИ. ЕКАТЕРИН-БУРГ
20.40 «15 МИНУТ О ФИТНЕСЕ»
21.05 Х/Ф «ТРИ ДНЯ ЛЕЙТЕ-НАНТА КРАВЦОВА»
00.30 БОЛЬШОЙ СПОРТ
00.55 ДЗЮДО
02.55 ФУТБОЛ. «БАРСЕЛОНА» - «АТЛЕТИКО»
04.55 «МОЯ ПЛАНЕТА»
5
6.00, 10.00 СЕЙЧАС
6.10 «ЖИВАЯ ИСТОРИЯ»
7.00 УТРО НА «5»
9.45 МЕСТО ПРОИСШЕСТВИЯ
10.30 Х/Ф «ЗОЛОТАЯ БАБА»
12.00 СЕЙЧАС
12.30 Х/Ф «ДОПОЛНИТЕЛЬ-НЫЙ ПРИБЫВАЕТ НА ВТОРОЙ ПУТЬ»
15.00 МЕСТО ПРОИСШЕСТВИЯ
15.30 СЕЙЧАС
16.00 ОТКРЫТАЯ СТУДИЯ
17.00 Д/С «АГЕНТСТВО СПЕ-ЦИАЛЬНЫХ РАССЛЕ-ДОВАНИЙ» (16+)
18.00 МЕСТО ПРОИСШЕСТВИЯ
18.30 СЕЙЧАС
19.00 Т/С «ДЕТЕКТИВЫ» (16+)
20.30, 22.25 Т/С «СЛЕД» (16+)
22.00 СЕЙЧАС
23.10 Х/Ф «ВАС ОЖИДАЕТ ГРАЖДАНКА НИКАНО-РОВА»
01.00 Х/Ф «ДЕТИ ПОНЕДЕЛЬ-НИКА» (16+)
02.55 Х/Ф «БРАК ПО РАСЧЕТУ» (16+)
05.00 «ЖИВАЯ ИСТОРИЯ»
ТВЦ
6.00 «НАСТРОЕНИЕ»
8.25 «ВЕЛИКИЕ ПРАЗДНИКИ»
8.50 Х/Ф «ОДНАЖДЫ ДВАД-ЦАТЬ ЛЕТ СПУСТЯ»
10.20 ДОКУМ. ФИЛЬМ
11.10 «ПЕТРОВКА, 38» (16+)
11.30, 14.30, 17.30 СОБЫТИЯ
11.50 «ДОМ ВВЕРХ ДНОМ»
12.50 Т/С «МЕТОД ЛАВРОВОЙ»
13.50 «КАК ВЫРАСТИТЬ ГРИЗ-ЛИ». ФИЛЬМ 1-Й
14.50 ГОРОД НОВОСТЕЙ
15.15 Т/С «ВЕЧНЫЙ ЗОВ» (16+)
16.55 «ДОКТОР И...» (16+)
17.50 «ЛИНИЯ ЗАЩИТЫ» (16+)
18.25 «ПРАВО ГОЛОСА» (16+)
19.30 ГОРОД НОВОСТЕЙ
19.45 «ПЕТРОВКА, 38» (16+)
20.00 Х/Ф «УДИВИ МЕНЯ» (16+)
22.00, 00.05 СОБЫТИЯ
22.20 «ХРОНИКИ МОСКОВС-КОГО БЫТА»
23.10 Т/С «МИСТЕР МОНК»
00.25 Х/Ф «ДЕРЕВЕНСКИЙ РОМАНС» (16+)
04.05 «НАША МОСКВА»
04.25 Д/Ф «ФАЛЬШАК» (16+)
ПЕРЕЦ
5.30, 7.00 МУЛЬТФИЛЬМЫ
6.30 «УДАЧНОЕ УТРО»
8.00 «ПОЛЕЗНОЕ УТРО»
8.30, 11.30 АНЕКДОТЫ
9.00 «ОБМЕН БЫТОВОЙ ТЕХ-НИКИ»
9.30 Х/Ф «ДЕВЯТЬ ДНЕЙ ДО ВЕС-НЫ», 1 И 2 СЕРИИ (16+)
12.00 «С.У.П.» (16+)
12.30 УЛЕТНЫЕ ЖИВОТНЫЕ
13.00 Т/С «ОПЕРА. ХРОНИКИ УБОЙНОГО ОТДЕЛА» (16+)
14.00 УЛЕТНОЕ ВИДЕО
15.00 ДОРОЖНЫЕ ВОЙНЫ
16.00 ДОРОЖНЫЕ ДРАМЫ
16.30 «ВНЕ ЗАКОНА» (16+)
18.00 «ИХ РАЗЫСКИВАЕТ ПО-ЛИЦИЯ» (16+)
18.30 «СМЕШНО ДО БОЛИ» (16+)
19.30 УЛЕТНОЕ ВИДЕО
20.30 ДОРОЖНЫЕ ВОЙНЫ
22.00, 23.00 АНЕКДОТЫ
22.30 КВН. НА БИС
23.30 УЛЕТНОЕ ВИДЕО
00.30 «ГОЛЫЕ И СМЕШНЫЕ» (18+)
01.00 «УДАЧНАЯ НОЧЬ»
01.30 Х/Ф «ДЕВЯТЬ ДНЕЙ ДО ВЕС-НЫ», 1 И 2 СЕРИИ (16+)
03.25 «САМОЕ ВЫЗЫВАЮ-ЩЕЕ ВИДЕО» (16+)
4 Домашний
5.30 Т/С «ГОРОД ХИЩНИЦ»
6.30 УДАЧНОЕ УТРО
7.00 ПРОВИНЦИАЛКИ (16+)
7.30 СВОИ ПРАВИЛА
8.00 ПОЛЕЗНОЕ УТРО
8.40 ДОМ БЕЗ ЖЕРТВ
9.40, 03.25 ПО ДЕЛАМ НЕС-ВЕРШЕННОЛЕТНИХ (16+)
10.40 МЕЛОДРАМА «ЦЫГАН-КИ» (16+)
14.50 МНЕ НАГАДАЛИ СУДЬБУ
15.50 ЛЮДИ МИРА (16+)
16.00 ЗВЕЗДНАЯ ЖИЗНЬ
17.00 ИГРЫ СУДЬБЫ (16+)
18.00 ОДНА ЗА ВСЕХ
18.15 Т/С «НЕ РОДИСЬ КРА-СИВОЙ»
19.00 ГЛАВНЫЕ НОВОСТИ
19.35 ОДНА ЗА ВСЕХ
20.05 Т/С «МАША В ЗАКОНЕ!» (16+)
22.00 БРАК БЕЗ ЖЕРТВ (16+)
23.00 НОВОСТИ-41
23.30 Х/Ф «НЕСКОНЧЕННАЯ ПОВЕСТЬ»
01.25 Т/С «ВРАЧЕБНАЯ ТАЙ-НА» (16+)
02.25 СПРОСИТЕ ПОВАРА
ЗВЕЗДА
6.00 «ИЗ ВСЕХ ОРУДИЙ»
7.05 Д/С «НЕВИДИМЫЙ ФРОНТ»
7.40, 9.15 Т/С «ВАРИАНТ «ОМЕГА»
9.00, 13.00 НОВОСТИ
10.50 «ОРУЖИЕ XX ВЕКА»
11.25 Х/Ф «РАЗОРВАННЫЙ КРУГ»
13.15 «ИЗ ВСЕХ ОРУДИЙ»
14.10 ДОКУМ. ФИЛЬМ
15.00, 16.15, 23.20 Т/С «ВО-ЕННАЯ РАЗВЕДКА. ПЕРВЫЙ УДАР» (16+)
16.00 НОВОСТИ
17.35 Д/С «ХОЛОДНОЕ ОРУЖИЕ»
18.00 НОВОСТИ
18.30 ДОКУМ. ФИЛЬМЫ
20.25 Х/Ф «ЕСЛИ ВРАГ НЕ СДАЕТСЯ...»
22.00 НОВОСТИ
22.30 Д/С «СЛЕДСТВЕННЫЙ КОМИТЕТ» (16+)
01.25 Х/Ф «НЕОБЫКНОВЕН-НОЕ ПУТЕШЕСТВИЕ МИШКИ СТРЕКАЧЕВА»
03.05 Х/Ф «ШТОРМОВОЕ ПРЕДУПРЕЖДЕНИЕ»
04.40 Х/Ф «Я ХОРТИЦА»
ОТВ
5.00 «НОВОСТИ ТАУ»
6.00 «СОБЫТИЯ. ИТОГИ»
6.35 ПАТРУЛЬНЫЙ УЧАСТОК
7.00 «УТРОТВ»
9.00, 10.00, 11.00, 12.00, 13.00, 14.00, 16.05, 17.00 «СОБЫТИЯ. КАЖДЫЙ ЧАС»
9.10 «СЕКРЕТЫ СТРОЙНОСТИ»
9.30 «КОМУ ОТЛИЧНЫЙ РЕ-МОНТ?» (16+)
10.05 ПАТРУЛЬНЫЙ УЧАСТОК
10.25, 12.10 Д/Ф «ДИКИМИ ТРОПАМИ»
11.10 Т/С «КАТИНА ЛЮБОВЬ»
13.10 Д/Ф «ДОМАШНИЕ ДРА-КОНЫ»
13.40 «ВЫБОРЫ 2013»
14.10 «ЗВЕЗДНАЯ ЖИЗНЬ»
15.10 Т/С «КАТИНА ЛЮБОВЬ»
16.10, 17.10 «ВСЕ БУДЕТ ХО-РОШО!»
18.00 «ВСЕ О ЖКХ»
18.30, 00.20 СОБЫТИЯ УРФО
19.00, 21.00, 22.55, 01.50, 04.00 «СОБЫТИЯ. ИТОГИ»
19.15 «ЗВЕЗДНАЯ ЖИЗНЬ»
20.05, 23.35 Т/С «КРАСНАЯ ПЛОЩАДЬ»
21.30, 02.50 НОВОСТИ ТАУ
22.35, 01.30, 02.30, 04.40 ПАТ-РУЛЬНЫЙ УЧАСТОК
00.50 СТУДЕНЧЕСКИЙ ГОРОДОК
01.10 ЮВЕЛИРНАЯ ПРОГРАММА
ТВ3
5.30 МУЛЬТФИЛЬМЫ
8.30 Т/С «ТВОЙ МИР» (16+)
9.30 Т/С «ГРАЧ» (16+)
10.30, 18.00, 00.30 Х-ВЕРСИИ
11.00, 20.30 ЭКСТРАСЕНСЫ-ДЕТЕКТИВЫ (16+)
12.00 Д/Ф «ТВ-3 ВЕДЕТ РАС-СЛЕДОВАНИЕ»
13.00, 05.00 Д/С «СВЯТЫЕ»
14.00 Д/Ф «ИСТИНА СРЕДИ НАС»
15.00 МИСТИЧЕСКИЕ ИСТОРИИ
16.00 Д/С «ГАДАЛКА»
17.00 ПАРАЛЛЕЛЬНЫЙ МИР
18.30 Д/С «ОХОТНИКИ ЗА ПРИВИДЕНИЯМИ» (16+)
19.30 Т/С «ГРАЧ» (16+)
21.40 МИСТИЧЕСКИЕ ИСТО-РИИ
22.45 Х/Ф «УЖАС ИЗ НЕДР»
01.00 Х/Ф «КРОВЬ И ШОКО-ЛАД» (16+)
03.00 Х/Ф «ДУРМАН ЛЮБВИ»
За информацию, предоставленную телеканалами, редакция ответственности не несет. В телепрограмме возможны изменения.
